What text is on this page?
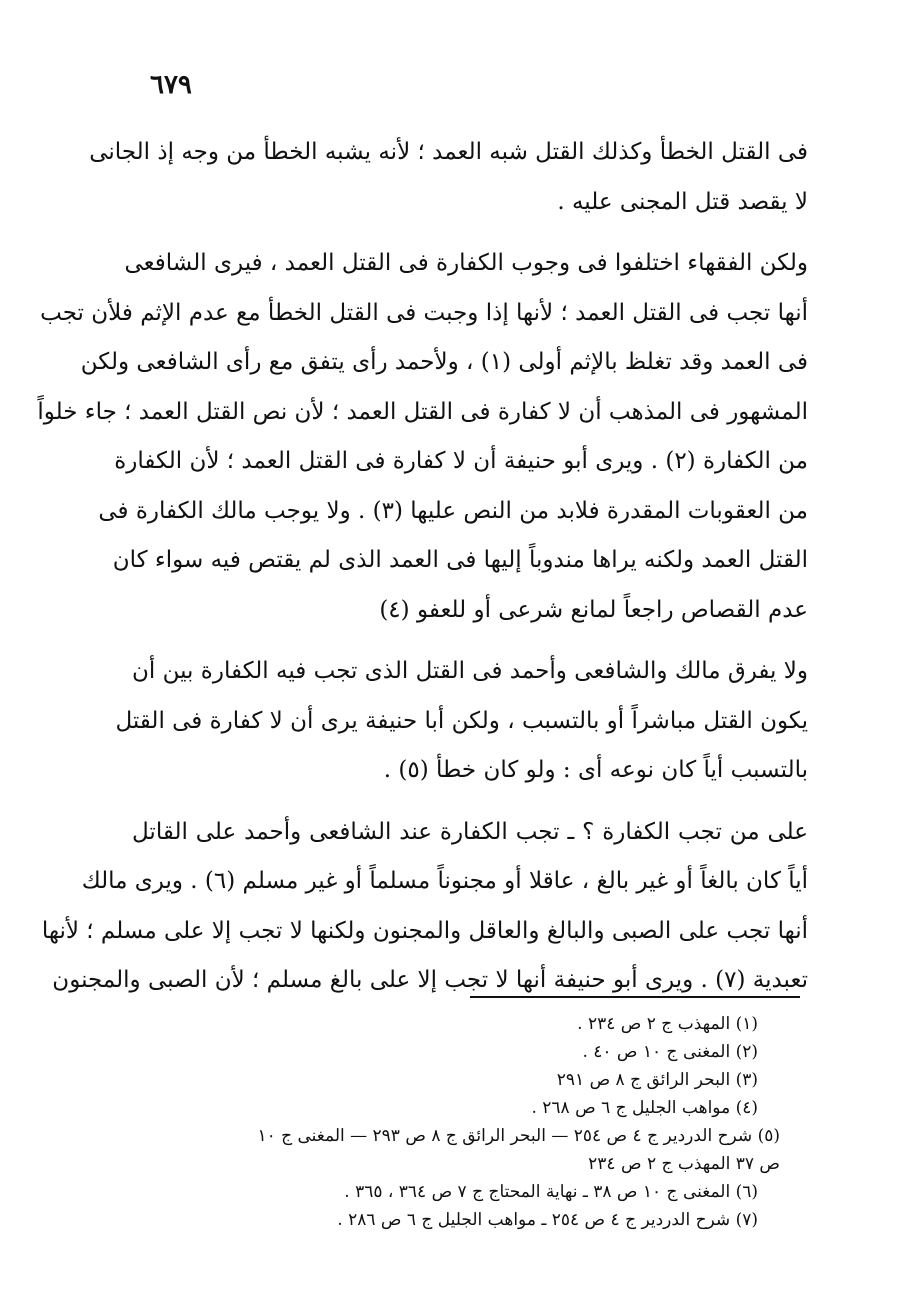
٦٧٩

فى القتل الخطأ وكذلك القتل شبه العمد ؛ لأنه يشبه الخطأ من وجه إذ الجانى
لا يقصد قتل المجنى عليه .

ولكن الفقهاء اختلفوا فى وجوب الكفارة فى القتل العمد ، فيرى الشافعى
أنها تجب فى القتل العمد ؛ لأنها إذا وجبت فى القتل الخطأ مع عدم الإثم فلأن تجب
فى العمد وقد تغلظ بالإثم أولى (١) ، ولأحمد رأى يتفق مع رأى الشافعى ولكن
المشهور فى المذهب أن لا كفارة فى القتل العمد ؛ لأن نص القتل العمد ؛ جاء خلواً
من الكفارة (٢) . ويرى أبو حنيفة أن لا كفارة فى القتل العمد ؛ لأن الكفارة
من العقوبات المقدرة فلابد من النص عليها (٣) . ولا يوجب مالك الكفارة فى
القتل العمد ولكنه يراها مندوباً إليها فى العمد الذى لم يقتص فيه سواء كان
عدم القصاص راجعاً لمانع شرعى أو للعفو (٤)

ولا يفرق مالك والشافعى وأحمد فى القتل الذى تجب فيه الكفارة بين أن
يكون القتل مباشراً أو بالتسبب ، ولكن أبا حنيفة يرى أن لا كفارة فى القتل
بالتسبب أياً كان نوعه أى : ولو كان خطأ (٥) .

على من تجب الكفارة ؟ ـ تجب الكفارة عند الشافعى وأحمد على القاتل
أياً كان بالغاً أو غير بالغ ، عاقلا أو مجنوناً مسلماً أو غير مسلم (٦) . ويرى مالك
أنها تجب على الصبى والبالغ والعاقل والمجنون ولكنها لا تجب إلا على مسلم ؛ لأنها
تعبدية (٧) . ويرى أبو حنيفة أنها لا تجب إلا على بالغ مسلم ؛ لأن الصبى والمجنون

(١) المهذب ج ٢ ص ٢٣٤ .
(٢) المغنى ج ١٠ ص ٤٠ .
(٣) البحر الرائق ج ٨ ص ٢٩١
(٤) مواهب الجليل ج ٦ ص ٢٦٨ .
(٥) شرح الدردير ج ٤ ص ٢٥٤ — البحر الرائق ج ٨ ص ٢٩٣ — المغنى ج ١٠
ص ٣٧ المهذب ج ٢ ص ٢٣٤
(٦) المغنى ج ١٠ ص ٣٨ ـ نهاية المحتاج ج ٧ ص ٣٦٤ ، ٣٦٥ .
(٧) شرح الدردير ج ٤ ص ٢٥٤ ـ مواهب الجليل ج ٦ ص ٢٨٦ .
